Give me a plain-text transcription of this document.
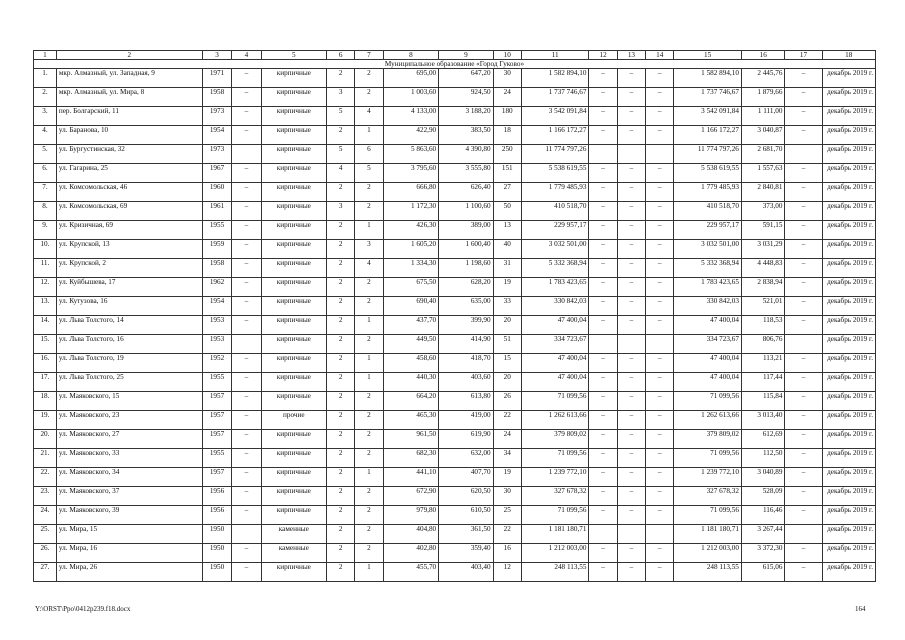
1	2	3	4	5	6	7	8	9	10	11	12	13	14	15	16	17	18
Муниципальное образование «Город Гуково»																	
1.	мкр. Алмазный, ул. Западная, 9	1971	–	кирпичные	2	2	695,00	647,20	30	1 582 894,10	–	–	–	1 582 894,10	2 445,76	–	декабрь 2019 г.
2.	мкр. Алмазный, ул. Мира, 8	1958	–	кирпичные	3	2	1 003,60	924,50	24	1 737 746,67	–	–	–	1 737 746,67	1 879,66	–	декабрь 2019 г.
3.	пер. Болгарский, 11	1973	–	кирпичные	5	4	4 133,00	3 188,20	180	3 542 091,84	–	–	–	3 542 091,84	1 111,00	–	декабрь 2019 г.
4.	ул. Баранова, 10	1954	–	кирпичные	2	1	422,90	383,50	18	1 166 172,27	–	–	–	1 166 172,27	3 040,87	–	декабрь 2019 г.
5.	ул. Бургустинская, 32	1973		кирпичные	5	6	5 863,60	4 390,80	250	11 774 797,26				11 774 797,26	2 681,70		декабрь 2019 г.
6.	ул. Гагарина, 25	1967	–	кирпичные	4	5	3 795,60	3 555,80	151	5 538 619,55	–	–	–	5 538 619,55	1 557,63	–	декабрь 2019 г.
7.	ул. Комсомольская, 46	1960	–	кирпичные	2	2	666,80	626,40	27	1 779 485,93	–	–	–	1 779 485,93	2 840,81	–	декабрь 2019 г.
8.	ул. Комсомольская, 69	1961	–	кирпичные	3	2	1 172,30	1 100,60	50	410 518,70	–	–	–	410 518,70	373,00	–	декабрь 2019 г.
9.	ул. Кризичная, 69	1955	–	кирпичные	2	1	426,30	389,00	13	229 957,17	–	–	–	229 957,17	591,15	–	декабрь 2019 г.
10.	ул. Крупской, 13	1959	–	кирпичные	2	3	1 605,20	1 600,40	40	3 032 501,00	–	–	–	3 032 501,00	3 031,29	–	декабрь 2019 г.
11.	ул. Крупской, 2	1958	–	кирпичные	2	4	1 334,30	1 198,60	31	5 332 368,94	–	–	–	5 332 368,94	4 448,83	–	декабрь 2019 г.
12.	ул. Куйбышева, 17	1962	–	кирпичные	2	2	675,50	628,20	19	1 783 423,65	–	–	–	1 783 423,65	2 838,94	–	декабрь 2019 г.
13.	ул. Кутузова, 16	1954	–	кирпичные	2	2	690,40	635,00	33	330 842,03	–	–	–	330 842,03	521,01	–	декабрь 2019 г.
14.	ул. Льва Толстого, 14	1953	–	кирпичные	2	1	437,70	399,90	20	47 400,04	–	–	–	47 400,04	118,53	–	декабрь 2019 г.
15.	ул. Льва Толстого, 16	1953		кирпичные	2	2	449,50	414,90	51	334 723,67				334 723,67	806,76		декабрь 2019 г.
16.	ул. Льва Толстого, 19	1952	–	кирпичные	2	1	458,60	418,70	15	47 400,04	–	–	–	47 400,04	113,21	–	декабрь 2019 г.
17.	ул. Льва Толстого, 25	1955	–	кирпичные	2	1	440,30	403,60	20	47 400,04	–	–	–	47 400,04	117,44	–	декабрь 2019 г.
18.	ул. Маяковского, 15	1957	–	кирпичные	2	2	664,20	613,80	26	71 099,56	–	–	–	71 099,56	115,84	–	декабрь 2019 г.
19.	ул. Маяковского, 23	1957	–	прочие	2	2	465,30	419,00	22	1 262 613,66	–	–	–	1 262 613,66	3 013,40	–	декабрь 2019 г.
20.	ул. Маяковского, 27	1957	–	кирпичные	2	2	961,50	619,90	24	379 809,02	–	–	–	379 809,02	612,69	–	декабрь 2019 г.
21.	ул. Маяковского, 33	1955	–	кирпичные	2	2	682,30	632,00	34	71 099,56	–	–	–	71 099,56	112,50	–	декабрь 2019 г.
22.	ул. Маяковского, 34	1957	–	кирпичные	2	1	441,10	407,70	19	1 239 772,10	–	–	–	1 239 772,10	3 040,89	–	декабрь 2019 г.
23.	ул. Маяковского, 37	1956	–	кирпичные	2	2	672,90	620,50	30	327 678,32	–	–	–	327 678,32	528,09	–	декабрь 2019 г.
24.	ул. Маяковского, 39	1956	–	кирпичные	2	2	979,80	610,50	25	71 099,56	–	–	–	71 099,56	116,46	–	декабрь 2019 г.
25.	ул. Мира, 15	1950		каменные	2	2	404,80	361,50	22	1 181 180,71				1 181 180,71	3 267,44		декабрь 2019 г.
26.	ул. Мира, 16	1950	–	каменные	2	2	402,80	359,40	16	1 212 003,00	–	–	–	1 212 003,00	3 372,30	–	декабрь 2019 г.
27.	ул. Мира, 26	1950	–	кирпичные	2	1	455,70	403,40	12	248 113,55	–	–	–	248 113,55	615,06	–	декабрь 2019 г.
Y:\ORST\Ppo\0412p239.f18.docx	164
